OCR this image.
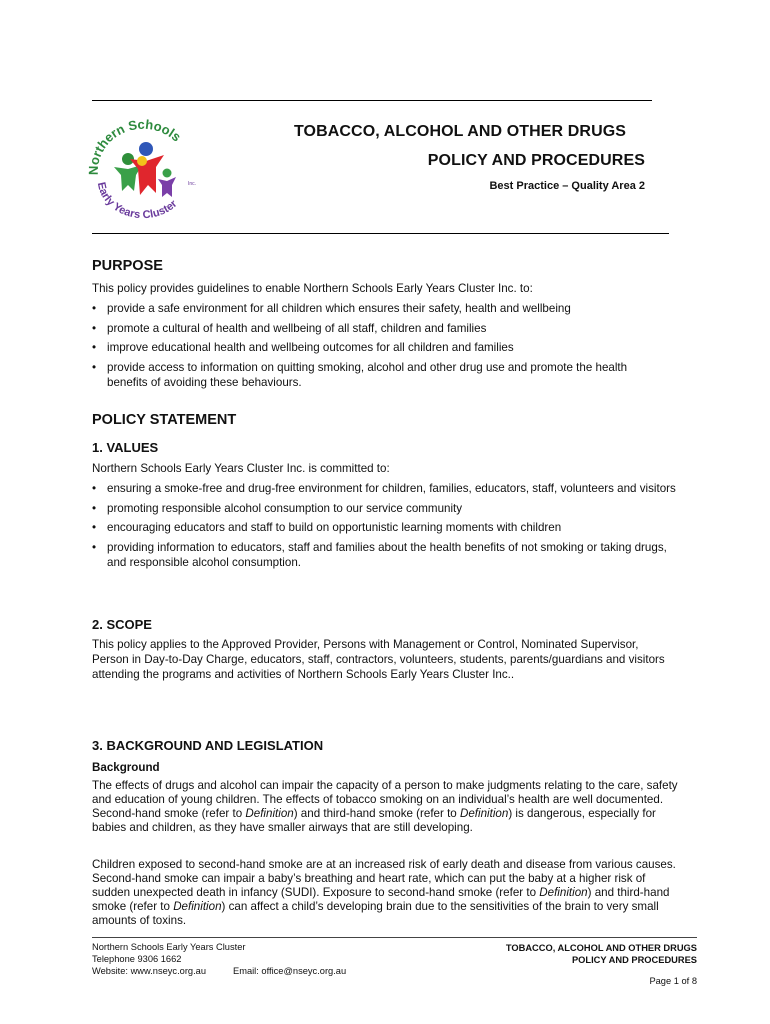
Northern Schools
Early Years Cluster
Inc.
TOBACCO, ALCOHOL AND OTHER DRUGS
POLICY AND PROCEDURES
Best Practice – Quality Area 2
PURPOSE
This policy provides guidelines to enable Northern Schools Early Years Cluster Inc. to:
• provide a safe environment for all children which ensures their safety, health and wellbeing
• promote a cultural of health and wellbeing of all staff, children and families
• improve educational health and wellbeing outcomes for all children and families
• provide access to information on quitting smoking, alcohol and other drug use and promote the health benefits of avoiding these behaviours.
POLICY STATEMENT
1. VALUES
Northern Schools Early Years Cluster Inc. is committed to:
• ensuring a smoke-free and drug-free environment for children, families, educators, staff, volunteers and visitors
• promoting responsible alcohol consumption to our service community
• encouraging educators and staff to build on opportunistic learning moments with children
• providing information to educators, staff and families about the health benefits of not smoking or taking drugs, and responsible alcohol consumption.
2. SCOPE
This policy applies to the Approved Provider, Persons with Management or Control, Nominated Supervisor, Person in Day-to-Day Charge, educators, staff, contractors, volunteers, students, parents/guardians and visitors attending the programs and activities of Northern Schools Early Years Cluster Inc..
3. BACKGROUND AND LEGISLATION
Background
The effects of drugs and alcohol can impair the capacity of a person to make judgments relating to the care, safety and education of young children. The effects of tobacco smoking on an individual’s health are well documented. Second-hand smoke (refer to Definition) and third-hand smoke (refer to Definition) is dangerous, especially for babies and children, as they have smaller airways that are still developing.
Children exposed to second-hand smoke are at an increased risk of early death and disease from various causes. Second-hand smoke can impair a baby’s breathing and heart rate, which can put the baby at a higher risk of sudden unexpected death in infancy (SUDI). Exposure to second-hand smoke (refer to Definition) and third-hand smoke (refer to Definition) can affect a child’s developing brain due to the sensitivities of the brain to very small amounts of toxins.
Northern Schools Early Years Cluster
Telephone 9306 1662
Website: www.nseyc.org.au	Email: office@nseyc.org.au
TOBACCO, ALCOHOL AND OTHER DRUGS
POLICY AND PROCEDURES
Page 1 of 8
